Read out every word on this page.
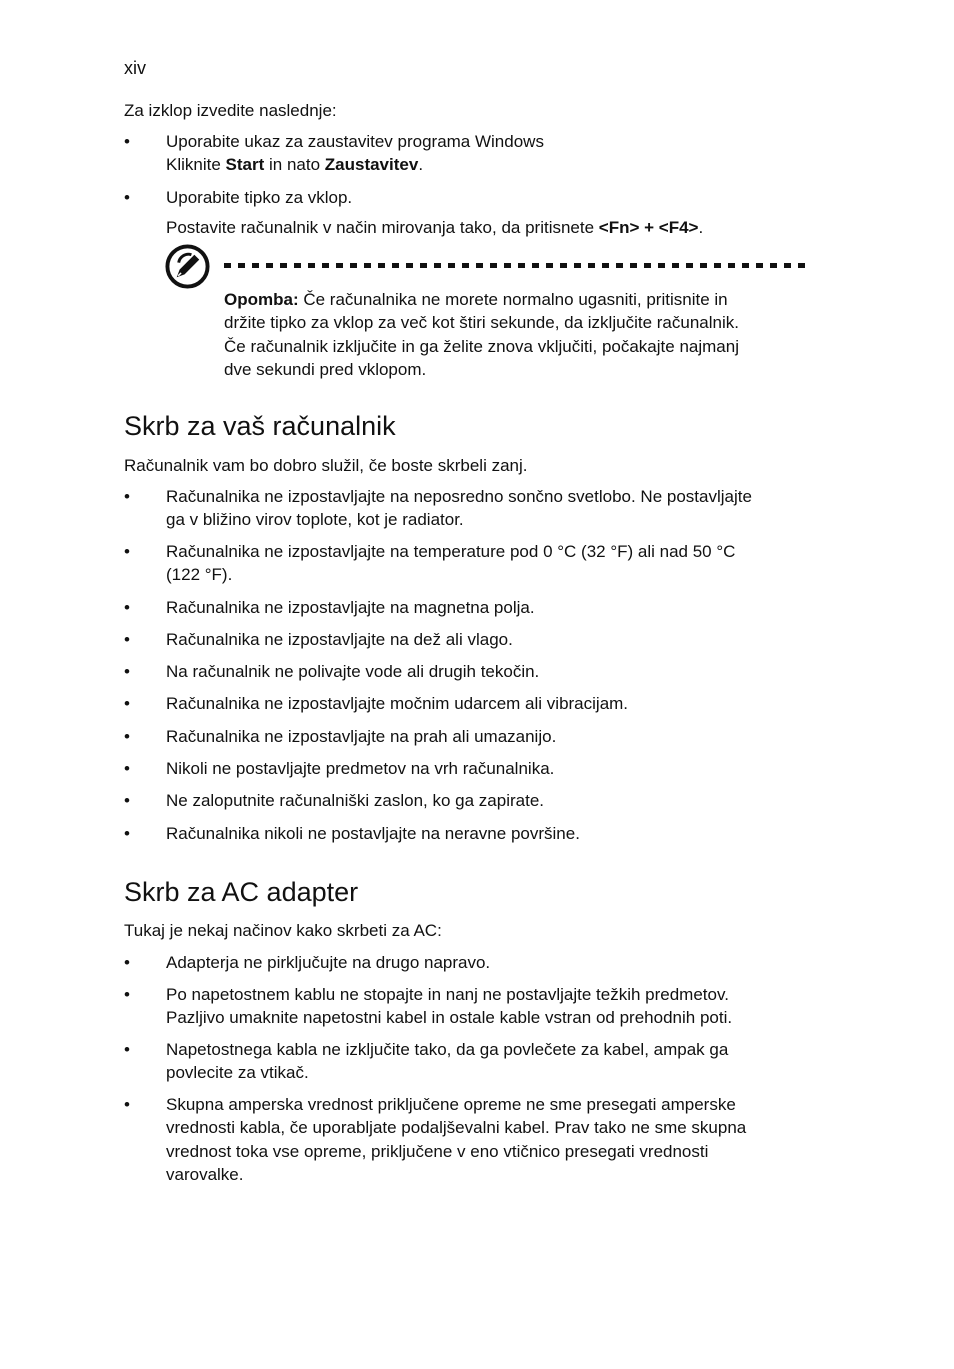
xiv

Za izklop izvedite naslednje:

•	Uporabite ukaz za zaustavitev programa Windows
Kliknite Start in nato Zaustavitev.
•	Uporabite tipko za vklop.
Postavite računalnik v način mirovanja tako, da pritisnete <Fn> + <F4>.
Opomba: Če računalnika ne morete normalno ugasniti, pritisnite in
držite tipko za vklop za več kot štiri sekunde, da izključite računalnik.
Če računalnik izključite in ga želite znova vključiti, počakajte najmanj
dve sekundi pred vklopom.
Skrb za vaš računalnik

Računalnik vam bo dobro služil, če boste skrbeli zanj.

•	Računalnika ne izpostavljajte na neposredno sončno svetlobo. Ne postavljajte
ga v bližino virov toplote, kot je radiator.
•	Računalnika ne izpostavljajte na temperature pod 0 °C (32 °F) ali nad 50 °C
(122 °F).
•	Računalnika ne izpostavljajte na magnetna polja.
•	Računalnika ne izpostavljajte na dež ali vlago.
•	Na računalnik ne polivajte vode ali drugih tekočin.
•	Računalnika ne izpostavljajte močnim udarcem ali vibracijam.
•	Računalnika ne izpostavljajte na prah ali umazanijo.
•	Nikoli ne postavljajte predmetov na vrh računalnika.
•	Ne zaloputnite računalniški zaslon, ko ga zapirate.
•	Računalnika nikoli ne postavljajte na neravne površine.
Skrb za AC adapter

Tukaj je nekaj načinov kako skrbeti za AC:

•	Adapterja ne pirključujte na drugo napravo.
•	Po napetostnem kablu ne stopajte in nanj ne postavljajte težkih predmetov.
Pazljivo umaknite napetostni kabel in ostale kable vstran od prehodnih poti.
•	Napetostnega kabla ne izključite tako, da ga povlečete za kabel, ampak ga
povlecite za vtikač.
•	Skupna amperska vrednost priključene opreme ne sme presegati amperske
vrednosti kabla, če uporabljate podaljševalni kabel. Prav tako ne sme skupna
vrednost toka vse opreme, priključene v eno vtičnico presegati vrednosti
varovalke.
